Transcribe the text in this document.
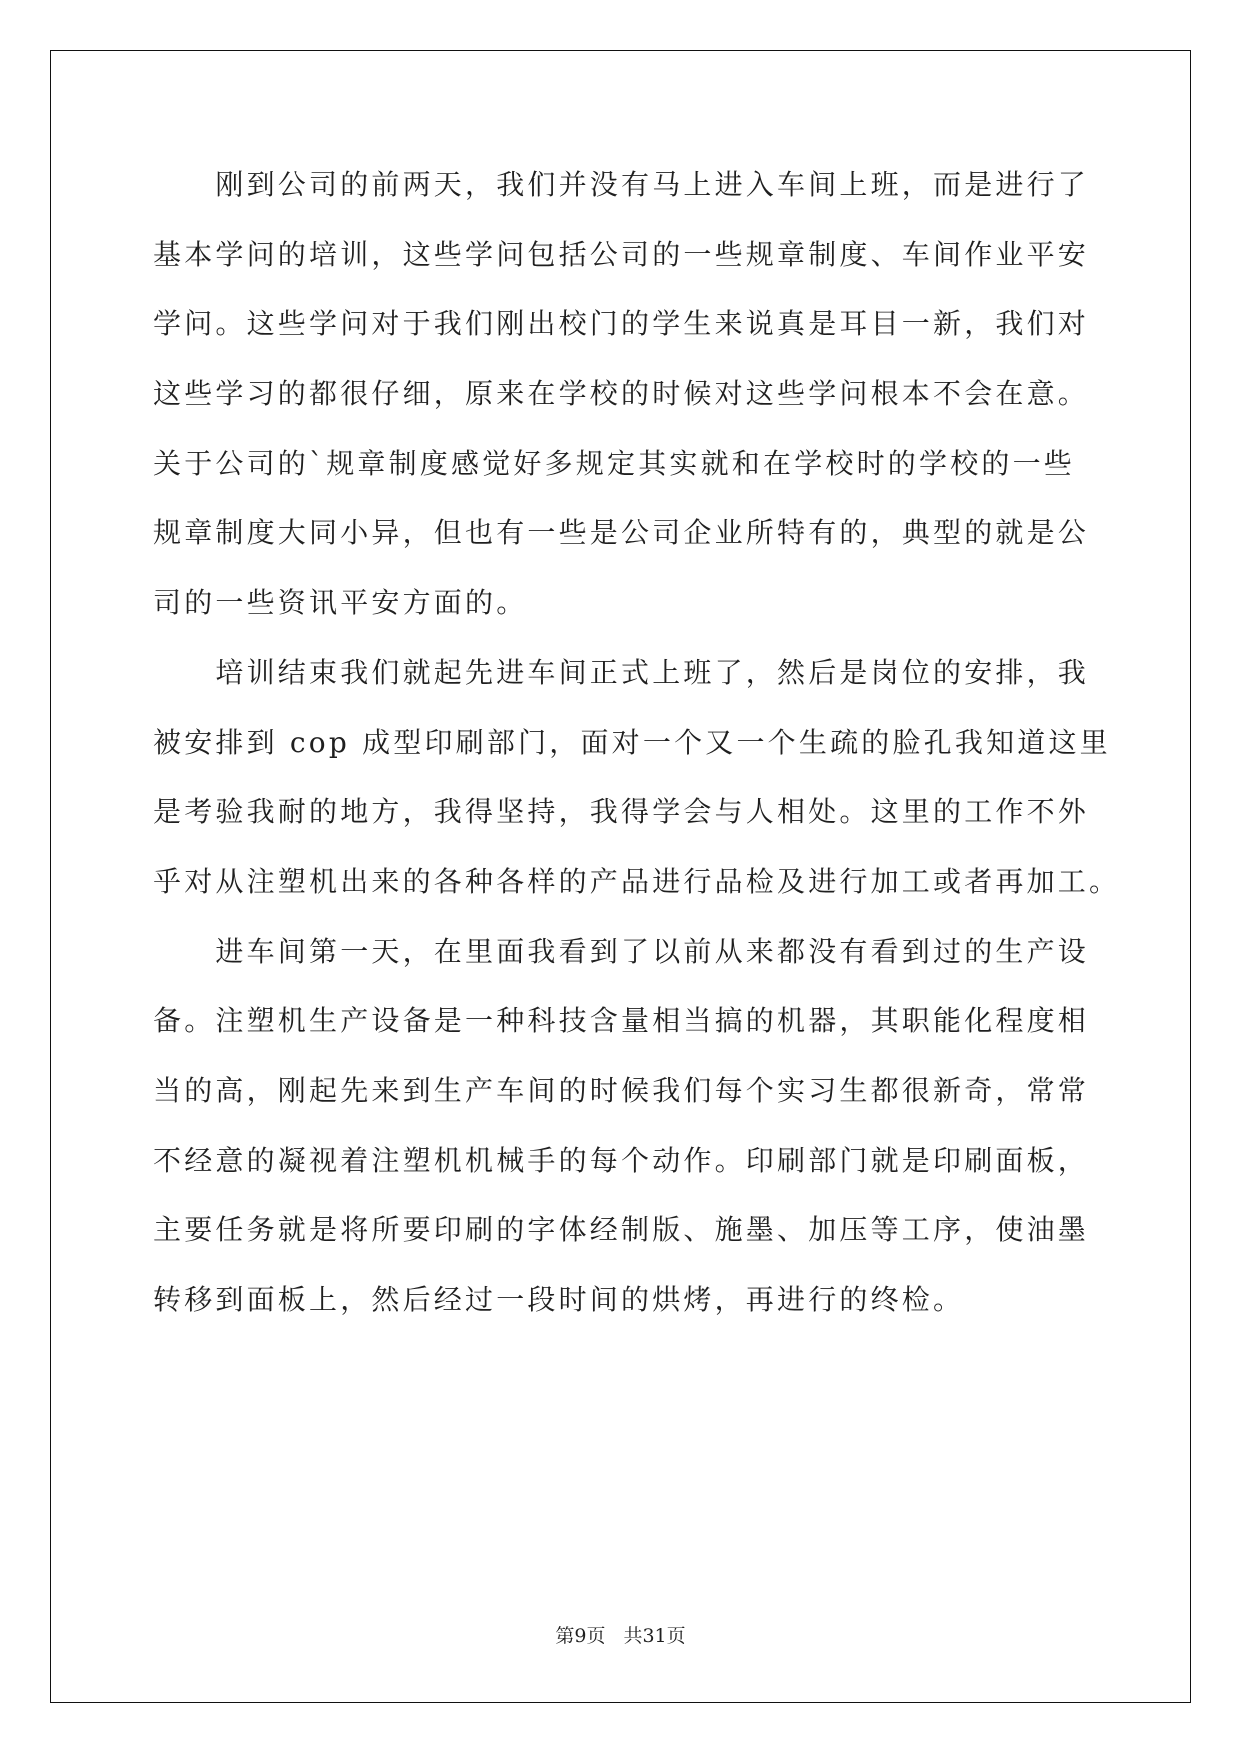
刚到公司的前两天，我们并没有马上进入车间上班，而是进行了
基本学问的培训，这些学问包括公司的一些规章制度、车间作业平安
学问。这些学问对于我们刚出校门的学生来说真是耳目一新，我们对
这些学习的都很仔细，原来在学校的时候对这些学问根本不会在意。
关于公司的`规章制度感觉好多规定其实就和在学校时的学校的一些
规章制度大同小异，但也有一些是公司企业所特有的，典型的就是公
司的一些资讯平安方面的。
培训结束我们就起先进车间正式上班了，然后是岗位的安排，我
被安排到 cop 成型印刷部门，面对一个又一个生疏的脸孔我知道这里
是考验我耐的地方，我得坚持，我得学会与人相处。这里的工作不外
乎对从注塑机出来的各种各样的产品进行品检及进行加工或者再加工。
进车间第一天，在里面我看到了以前从来都没有看到过的生产设
备。注塑机生产设备是一种科技含量相当搞的机器，其职能化程度相
当的高，刚起先来到生产车间的时候我们每个实习生都很新奇，常常
不经意的凝视着注塑机机械手的每个动作。印刷部门就是印刷面板，
主要任务就是将所要印刷的字体经制版、施墨、加压等工序，使油墨
转移到面板上，然后经过一段时间的烘烤，再进行的终检。
第9页 共31页
